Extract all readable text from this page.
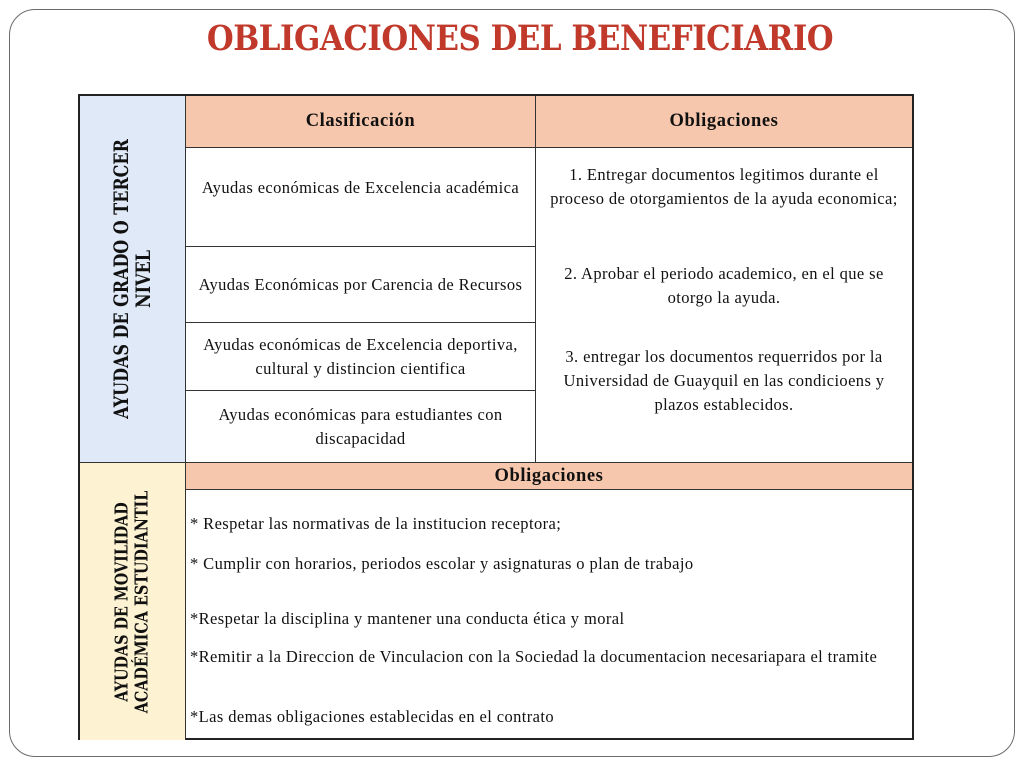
OBLIGACIONES DEL BENEFICIARIO
AYUDAS DE GRADO O TERCER
NIVEL
Clasificación	Obligaciones
Ayudas económicas de Excelencia académica
Ayudas Económicas por Carencia de Recursos
Ayudas económicas de Excelencia deportiva, cultural y distincion cientifica
Ayudas económicas para estudiantes con discapacidad
1. Entregar documentos legitimos durante el proceso de otorgamientos de la ayuda economica;
2. Aprobar el periodo academico, en el que se otorgo la ayuda.
3. entregar los documentos requerridos por la Universidad de Guayquil en las condicioens y plazos establecidos.
AYUDAS DE MOVILIDAD ACADÉMICA ESTUDIANTIL
Obligaciones
* Respetar las normativas de la institucion receptora;
* Cumplir con horarios, periodos escolar y asignaturas o plan de trabajo
*Respetar la disciplina y mantener una conducta ética y moral
*Remitir a la Direccion de Vinculacion con la Sociedad la documentacion necesariapara el tramite
*Las demas obligaciones establecidas en el contrato
